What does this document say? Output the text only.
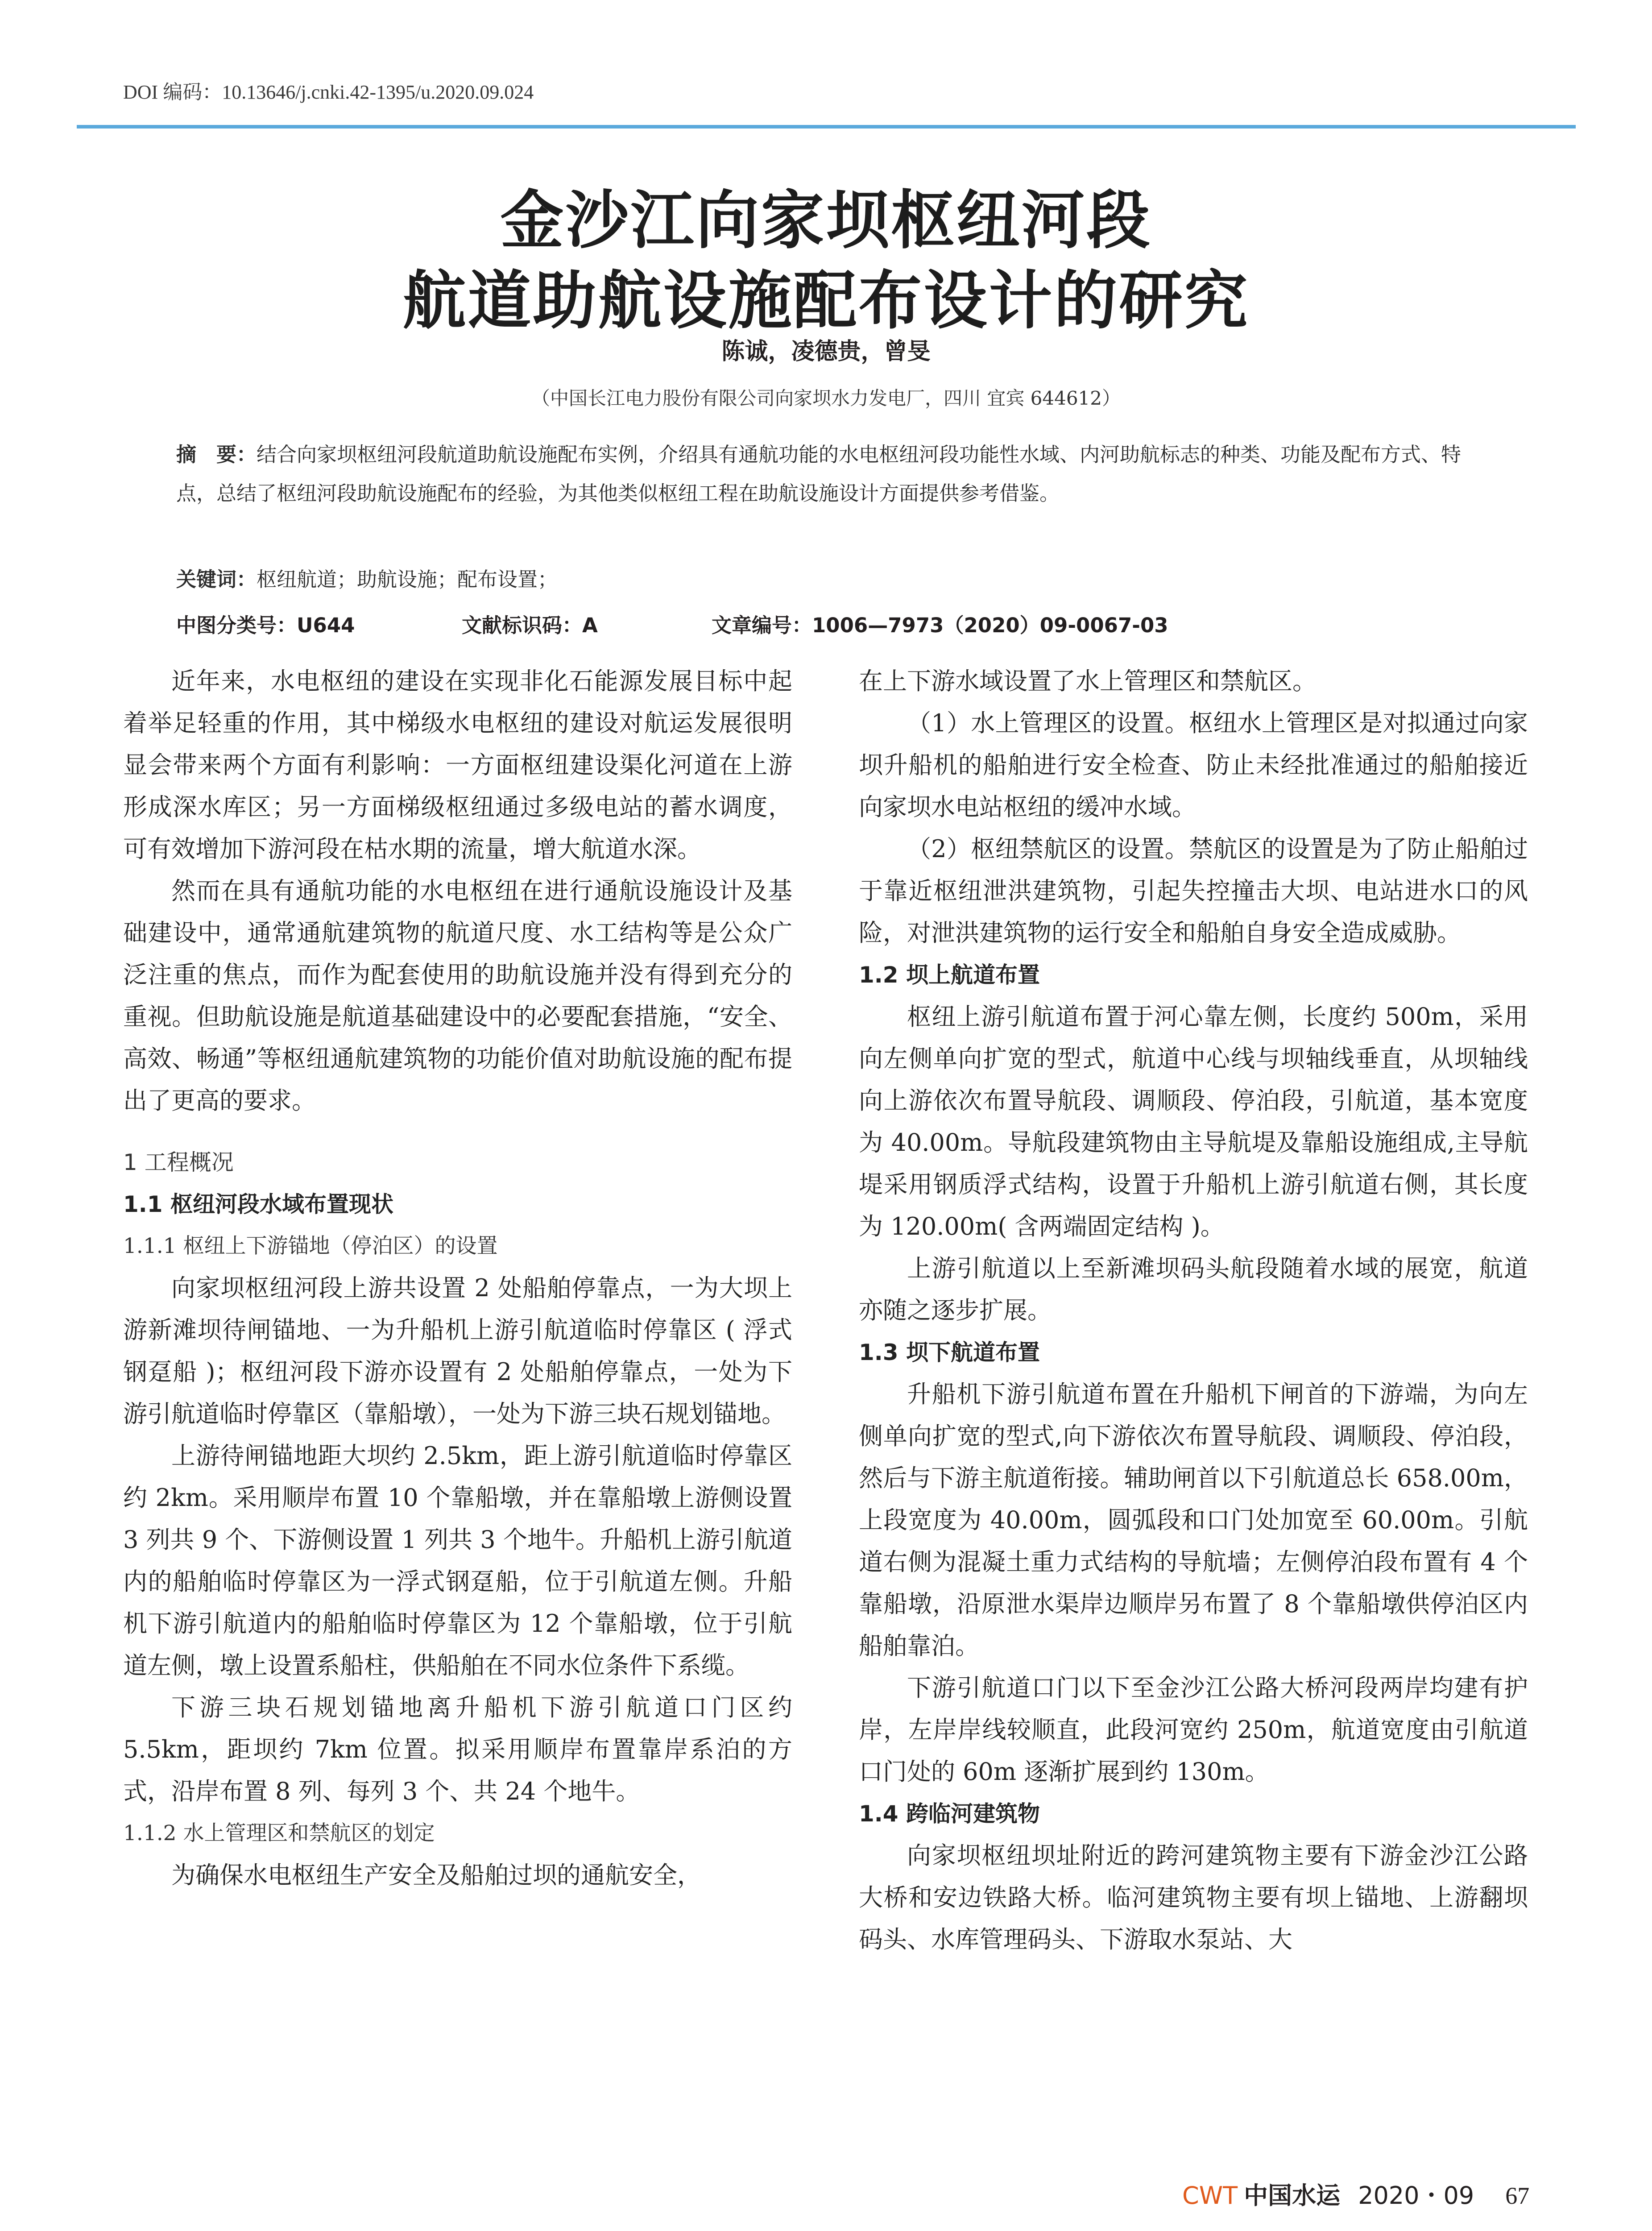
DOI 编码：10.13646/j.cnki.42-1395/u.2020.09.024
金沙江向家坝枢纽河段
航道助航设施配布设计的研究
陈诚，凌德贵，曾旻
（中国长江电力股份有限公司向家坝水力发电厂，四川 宜宾 644612）
摘　要：结合向家坝枢纽河段航道助航设施配布实例，介绍具有通航功能的水电枢纽河段功能性水域、内河助航标志的种类、功能及配布方式、特点，总结了枢纽河段助航设施配布的经验，为其他类似枢纽工程在助航设施设计方面提供参考借鉴。
关键词：枢纽航道；助航设施；配布设置；
中图分类号：U644	文献标识码：A	文章编号：1006—7973（2020）09-0067-03

近年来，水电枢纽的建设在实现非化石能源发展目标中起着举足轻重的作用，其中梯级水电枢纽的建设对航运发展很明显会带来两个方面有利影响：一方面枢纽建设渠化河道在上游形成深水库区；另一方面梯级枢纽通过多级电站的蓄水调度，可有效增加下游河段在枯水期的流量，增大航道水深。

然而在具有通航功能的水电枢纽在进行通航设施设计及基础建设中，通常通航建筑物的航道尺度、水工结构等是公众广泛注重的焦点，而作为配套使用的助航设施并没有得到充分的重视。但助航设施是航道基础建设中的必要配套措施，“安全、高效、畅通”等枢纽通航建筑物的功能价值对助航设施的配布提出了更高的要求。

1 工程概况

1.1 枢纽河段水域布置现状

1.1.1 枢纽上下游锚地（停泊区）的设置

向家坝枢纽河段上游共设置 2 处船舶停靠点，一为大坝上游新滩坝待闸锚地、一为升船机上游引航道临时停靠区 ( 浮式钢趸船 )；枢纽河段下游亦设置有 2 处船舶停靠点，一处为下游引航道临时停靠区（靠船墩），一处为下游三块石规划锚地。

上游待闸锚地距大坝约 2.5km，距上游引航道临时停靠区约 2km。采用顺岸布置 10 个靠船墩，并在靠船墩上游侧设置 3 列共 9 个、下游侧设置 1 列共 3 个地牛。升船机上游引航道内的船舶临时停靠区为一浮式钢趸船，位于引航道左侧。升船机下游引航道内的船舶临时停靠区为 12 个靠船墩，位于引航道左侧，墩上设置系船柱，供船舶在不同水位条件下系缆。

下游三块石规划锚地离升船机下游引航道口门区约 5.5km，距坝约 7km 位置。拟采用顺岸布置靠岸系泊的方式，沿岸布置 8 列、每列 3 个、共 24 个地牛。

1.1.2 水上管理区和禁航区的划定

为确保水电枢纽生产安全及船舶过坝的通航安全，

在上下游水域设置了水上管理区和禁航区。

（1）水上管理区的设置。枢纽水上管理区是对拟通过向家坝升船机的船舶进行安全检查、防止未经批准通过的船舶接近向家坝水电站枢纽的缓冲水域。

（2）枢纽禁航区的设置。禁航区的设置是为了防止船舶过于靠近枢纽泄洪建筑物，引起失控撞击大坝、电站进水口的风险，对泄洪建筑物的运行安全和船舶自身安全造成威胁。

1.2 坝上航道布置

枢纽上游引航道布置于河心靠左侧，长度约 500m，采用向左侧单向扩宽的型式，航道中心线与坝轴线垂直，从坝轴线向上游依次布置导航段、调顺段、停泊段，引航道，基本宽度为 40.00m。导航段建筑物由主导航堤及靠船设施组成,主导航堤采用钢质浮式结构，设置于升船机上游引航道右侧，其长度为 120.00m( 含两端固定结构 )。

上游引航道以上至新滩坝码头航段随着水域的展宽，航道亦随之逐步扩展。

1.3 坝下航道布置

升船机下游引航道布置在升船机下闸首的下游端，为向左侧单向扩宽的型式,向下游依次布置导航段、调顺段、停泊段，然后与下游主航道衔接。辅助闸首以下引航道总长 658.00m，上段宽度为 40.00m，圆弧段和口门处加宽至 60.00m。引航道右侧为混凝土重力式结构的导航墙；左侧停泊段布置有 4 个靠船墩，沿原泄水渠岸边顺岸另布置了 8 个靠船墩供停泊区内船舶靠泊。

下游引航道口门以下至金沙江公路大桥河段两岸均建有护岸，左岸岸线较顺直，此段河宽约 250m，航道宽度由引航道口门处的 60m 逐渐扩展到约 130m。

1.4 跨临河建筑物

向家坝枢纽坝址附近的跨河建筑物主要有下游金沙江公路大桥和安边铁路大桥。临河建筑物主要有坝上锚地、上游翻坝码头、水库管理码头、下游取水泵站、大

CWT 中国水运 2020・09 67
